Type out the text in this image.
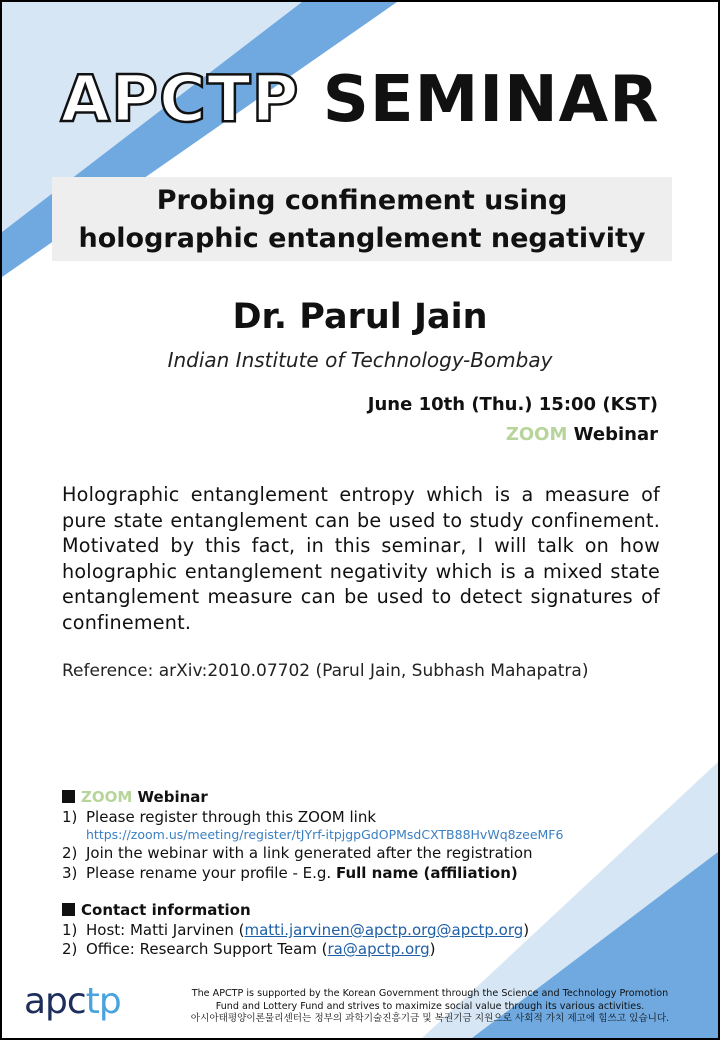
APCTP SEMINAR
Probing confinement using
holographic entanglement negativity
Dr. Parul Jain
Indian Institute of Technology-Bombay
June 10th (Thu.) 15:00 (KST)
ZOOM Webinar
Holographic entanglement entropy which is a measure of pure state entanglement can be used to study confinement. Motivated by this fact, in this seminar, I will talk on how holographic entanglement negativity which is a mixed state entanglement measure can be used to detect signatures of confinement.
Reference: arXiv:2010.07702 (Parul Jain, Subhash Mahapatra)
ZOOM Webinar
1) Please register through this ZOOM link
https://zoom.us/meeting/register/tJYrf-itpjgpGdOPMsdCXTB88HvWq8zeeMF6
2) Join the webinar with a link generated after the registration
3) Please rename your profile - E.g. Full name (affiliation)
Contact information
1) Host: Matti Jarvinen (matti.jarvinen@apctp.org@apctp.org)
2) Office: Research Support Team (ra@apctp.org)
apctp	The APCTP is supported by the Korean Government through the Science and Technology Promotion
Fund and Lottery Fund and strives to maximize social value through its various activities.
아시아태평양이론물리센터는 정부의 과학기술진흥기금 및 복권기금 지원으로 사회적 가치 제고에 힘쓰고 있습니다.
